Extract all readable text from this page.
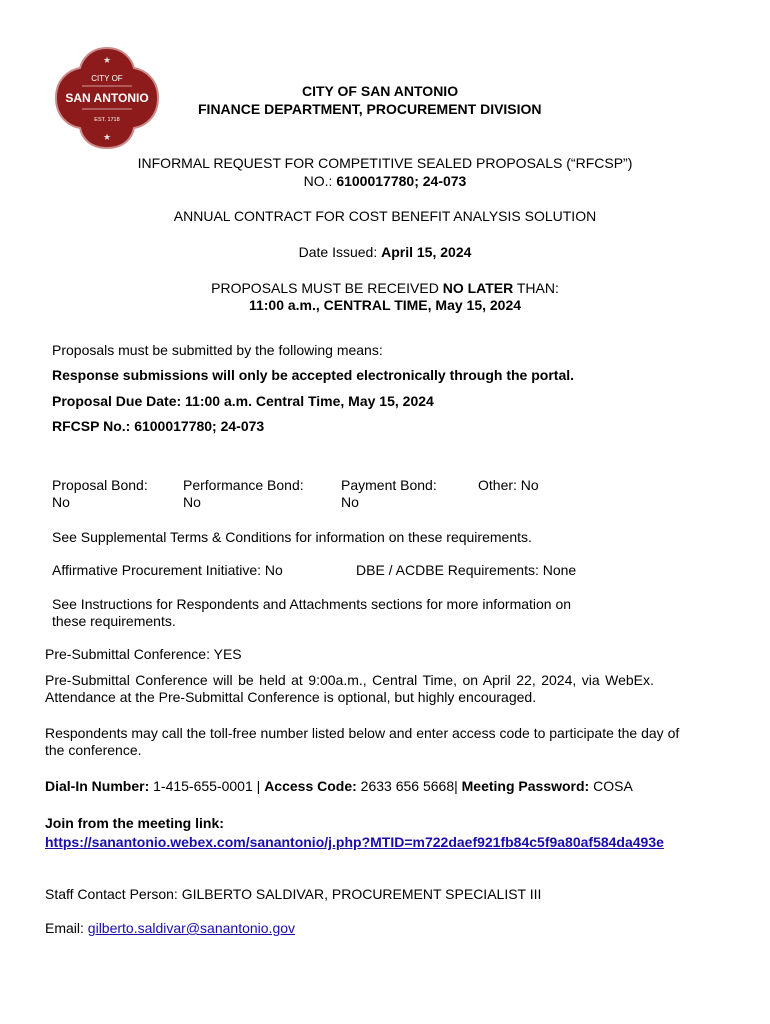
★
CITY OF
SAN ANTONIO
EST. 1718
★
CITY OF SAN ANTONIO
FINANCE DEPARTMENT, PROCUREMENT DIVISION
INFORMAL REQUEST FOR COMPETITIVE SEALED PROPOSALS (“RFCSP”)
NO.: 6100017780; 24-073
ANNUAL CONTRACT FOR COST BENEFIT ANALYSIS SOLUTION
Date Issued: April 15, 2024
PROPOSALS MUST BE RECEIVED NO LATER THAN:
11:00 a.m., CENTRAL TIME, May 15, 2024
Proposals must be submitted by the following means:
Response submissions will only be accepted electronically through the portal.
Proposal Due Date: 11:00 a.m. Central Time, May 15, 2024
RFCSP No.: 6100017780; 24-073
Proposal Bond:
No
Performance Bond:
No
Payment Bond:
No
Other: No
See Supplemental Terms & Conditions for information on these requirements.
Affirmative Procurement Initiative: No	DBE / ACDBE Requirements: None
See Instructions for Respondents and Attachments sections for more information on
these requirements.
Pre-Submittal Conference: YES
Pre-Submittal Conference will be held at 9:00a.m., Central Time, on April 22, 2024, via WebEx.
Attendance at the Pre-Submittal Conference is optional, but highly encouraged.
Respondents may call the toll-free number listed below and enter access code to participate the day of
the conference.
Dial-In Number: 1-415-655-0001 | Access Code: 2633 656 5668| Meeting Password: COSA
Join from the meeting link:
https://sanantonio.webex.com/sanantonio/j.php?MTID=m722daef921fb84c5f9a80af584da493e
Staff Contact Person: GILBERTO SALDIVAR, PROCUREMENT SPECIALIST III
Email: gilberto.saldivar@sanantonio.gov
